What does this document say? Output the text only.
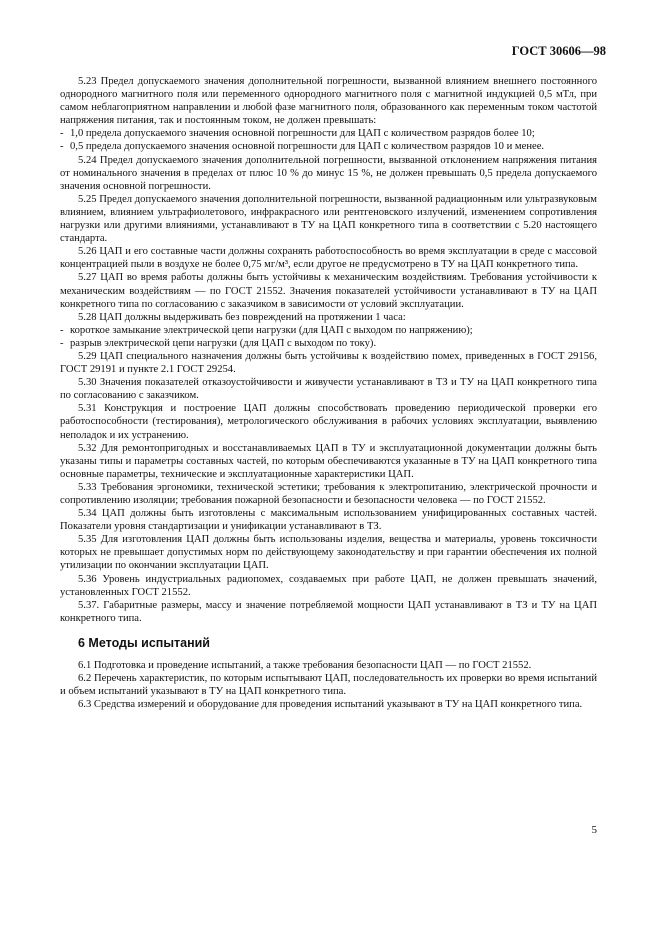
ГОСТ 30606—98

5.23 Предел допускаемого значения дополнительной погрешности, вызванной влиянием внешнего постоянного однородного магнитного поля или переменного однородного магнитного поля с магнитной индукцией 0,5 мТл, при самом неблагоприятном направлении и любой фазе магнитного поля, образованного как переменным током частотой напряжения питания, так и постоянным током, не должен превышать:

- 1,0 предела допускаемого значения основной погрешности для ЦАП с количеством разрядов более 10;

- 0,5 предела допускаемого значения основной погрешности для ЦАП с количеством разрядов 10 и менее.

5.24 Предел допускаемого значения дополнительной погрешности, вызванной отклонением напряжения питания от номинального значения в пределах от плюс 10 % до минус 15 %, не должен превышать 0,5 предела допускаемого значения основной погрешности.

5.25 Предел допускаемого значения дополнительной погрешности, вызванной радиационным или ультразвуковым влиянием, влиянием ультрафиолетового, инфракрасного или рентгеновского излучений, изменением сопротивления нагрузки или другими влияниями, устанавливают в ТУ на ЦАП конкретного типа в соответствии с 5.20 настоящего стандарта.

5.26 ЦАП и его составные части должны сохранять работоспособность во время эксплуатации в среде с массовой концентрацией пыли в воздухе не более 0,75 мг/м³, если другое не предусмотрено в ТУ на ЦАП конкретного типа.

5.27 ЦАП во время работы должны быть устойчивы к механическим воздействиям. Требования устойчивости к механическим воздействиям — по ГОСТ 21552. Значения показателей устойчивости устанавливают в ТУ на ЦАП конкретного типа по согласованию с заказчиком в зависимости от условий эксплуатации.

5.28 ЦАП должны выдерживать без повреждений на протяжении 1 часа:

- короткое замыкание электрической цепи нагрузки (для ЦАП с выходом по напряжению);

- разрыв электрической цепи нагрузки (для ЦАП с выходом по току).

5.29 ЦАП специального назначения должны быть устойчивы к воздействию помех, приведенных в ГОСТ 29156, ГОСТ 29191 и пункте 2.1 ГОСТ 29254.

5.30 Значения показателей отказоустойчивости и живучести устанавливают в ТЗ и ТУ на ЦАП конкретного типа по согласованию с заказчиком.

5.31 Конструкция и построение ЦАП должны способствовать проведению периодической проверки его работоспособности (тестирования), метрологического обслуживания в рабочих условиях эксплуатации, выявлению неполадок и их устранению.

5.32 Для ремонтопригодных и восстанавливаемых ЦАП в ТУ и эксплуатационной документации должны быть указаны типы и параметры составных частей, по которым обеспечиваются указанные в ТУ на ЦАП конкретного типа основные параметры, технические и эксплуатационные характеристики ЦАП.

5.33 Требования эргономики, технической эстетики; требования к электропитанию, электрической прочности и сопротивлению изоляции; требования пожарной безопасности и безопасности человека — по ГОСТ 21552.

5.34 ЦАП должны быть изготовлены с максимальным использованием унифицированных составных частей. Показатели уровня стандартизации и унификации устанавливают в ТЗ.

5.35 Для изготовления ЦАП должны быть использованы изделия, вещества и материалы, уровень токсичности которых не превышает допустимых норм по действующему законодательству и при гарантии обеспечения их полной утилизации по окончании эксплуатации ЦАП.

5.36 Уровень индустриальных радиопомех, создаваемых при работе ЦАП, не должен превышать значений, установленных ГОСТ 21552.

5.37. Габаритные размеры, массу и значение потребляемой мощности ЦАП устанавливают в ТЗ и ТУ на ЦАП конкретного типа.

6 Методы испытаний

6.1 Подготовка и проведение испытаний, а также требования безопасности ЦАП — по ГОСТ 21552.

6.2 Перечень характеристик, по которым испытывают ЦАП, последовательность их проверки во время испытаний и объем испытаний указывают в ТУ на ЦАП конкретного типа.

6.3 Средства измерений и оборудование для проведения испытаний указывают в ТУ на ЦАП конкретного типа.

5
